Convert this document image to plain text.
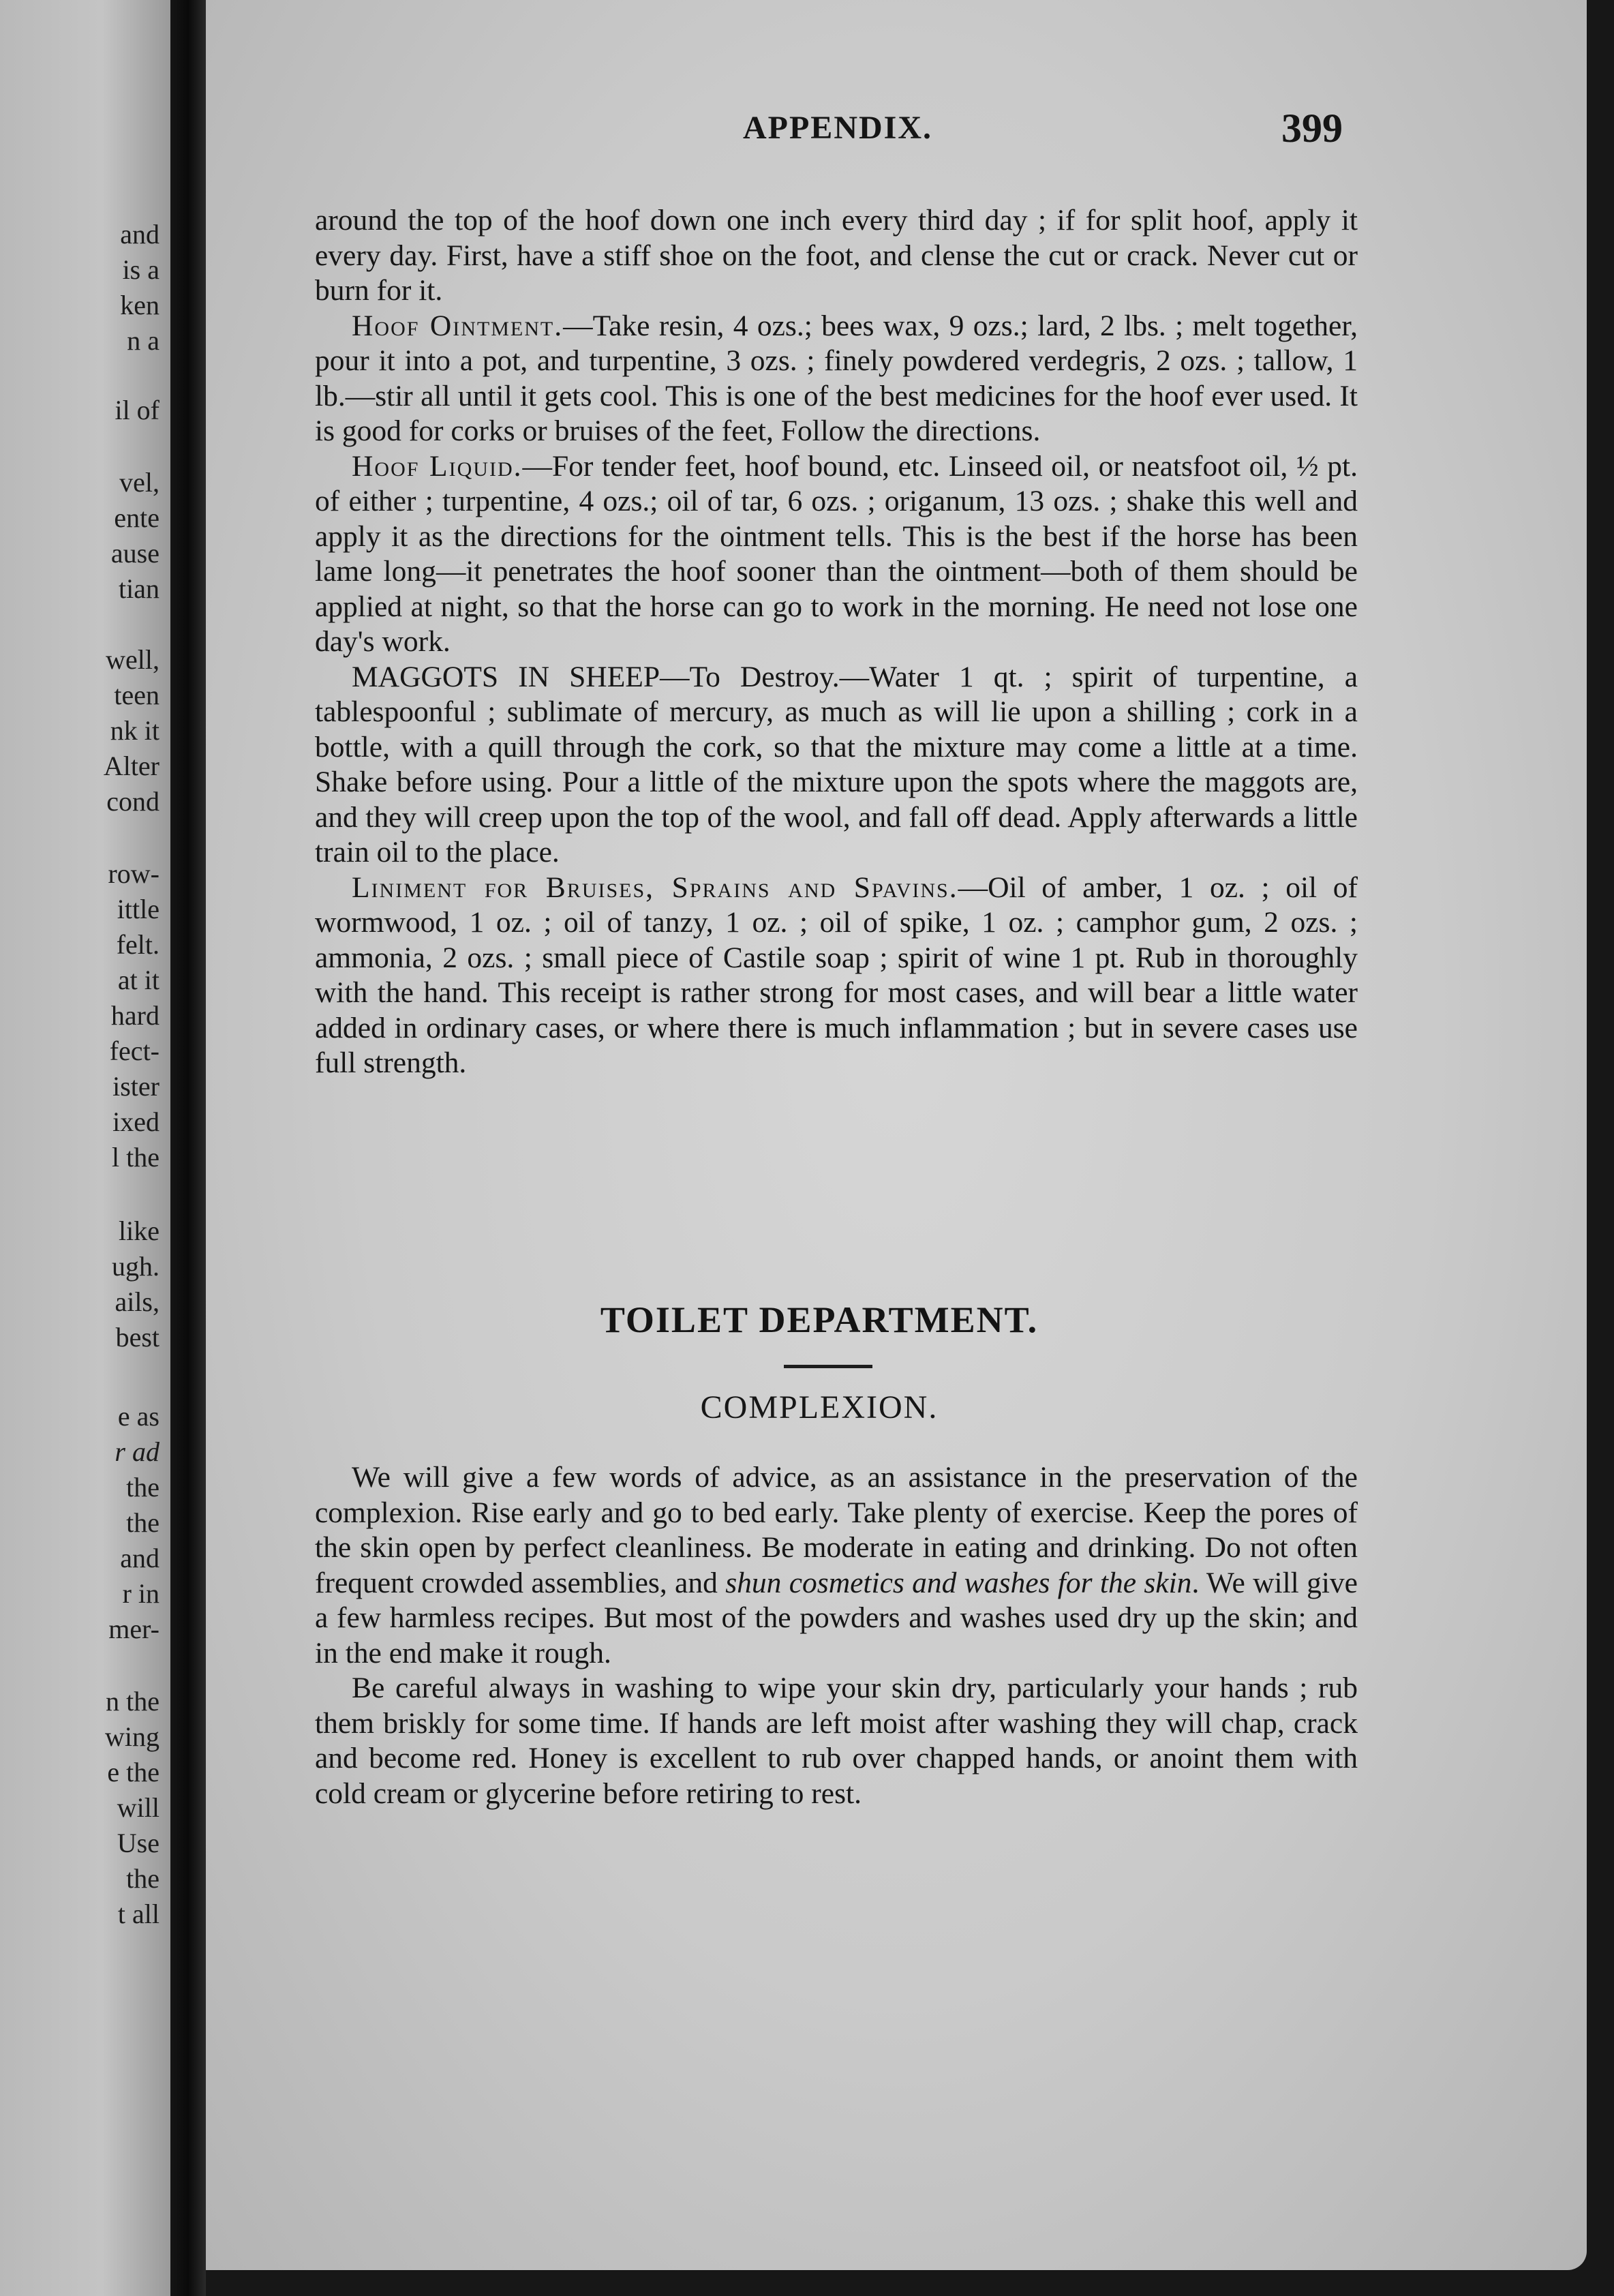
and
is a
ken
n a
il of
vel,
ente
ause
tian
well,
teen
nk it
Alter
cond
row-
ittle
felt.
at it
hard
fect-
ister
ixed
l the
like
ugh.
ails,
best
e as
r ad
the
the
and
r in
mer-
n the
wing
e the
will
Use
the
t all
APPENDIX.	399

around the top of the hoof down one inch every third day ; if for split hoof, apply it every day. First, have a stiff shoe on the foot, and clense the cut or crack. Never cut or burn for it.

Hoof Ointment.—Take resin, 4 ozs.; bees wax, 9 ozs.; lard, 2 lbs. ; melt together, pour it into a pot, and turpentine, 3 ozs. ; finely powdered verdegris, 2 ozs. ; tallow, 1 lb.—stir all until it gets cool. This is one of the best medicines for the hoof ever used. It is good for corks or bruises of the feet, Follow the directions.

Hoof Liquid.—For tender feet, hoof bound, etc. Linseed oil, or neatsfoot oil, ½ pt. of either ; turpentine, 4 ozs.; oil of tar, 6 ozs. ; origanum, 13 ozs. ; shake this well and apply it as the directions for the ointment tells. This is the best if the horse has been lame long—it penetrates the hoof sooner than the ointment—both of them should be applied at night, so that the horse can go to work in the morning. He need not lose one day's work.

MAGGOTS IN SHEEP—To Destroy.—Water 1 qt. ; spirit of turpentine, a tablespoonful ; sublimate of mercury, as much as will lie upon a shilling ; cork in a bottle, with a quill through the cork, so that the mixture may come a little at a time. Shake before using. Pour a little of the mixture upon the spots where the maggots are, and they will creep upon the top of the wool, and fall off dead. Apply afterwards a little train oil to the place.

Liniment for Bruises, Sprains and Spavins.—Oil of amber, 1 oz. ; oil of wormwood, 1 oz. ; oil of tanzy, 1 oz. ; oil of spike, 1 oz. ; camphor gum, 2 ozs. ; ammonia, 2 ozs. ; small piece of Castile soap ; spirit of wine 1 pt. Rub in thoroughly with the hand. This receipt is rather strong for most cases, and will bear a little water added in ordinary cases, or where there is much inflammation ; but in severe cases use full strength.

TOILET DEPARTMENT.
COMPLEXION.

We will give a few words of advice, as an assistance in the preservation of the complexion. Rise early and go to bed early. Take plenty of exercise. Keep the pores of the skin open by perfect cleanliness. Be moderate in eating and drinking. Do not often frequent crowded assemblies, and shun cosmetics and washes for the skin. We will give a few harmless recipes. But most of the powders and washes used dry up the skin; and in the end make it rough.

Be careful always in washing to wipe your skin dry, particularly your hands ; rub them briskly for some time. If hands are left moist after washing they will chap, crack and become red. Honey is excellent to rub over chapped hands, or anoint them with cold cream or glycerine before retiring to rest.
